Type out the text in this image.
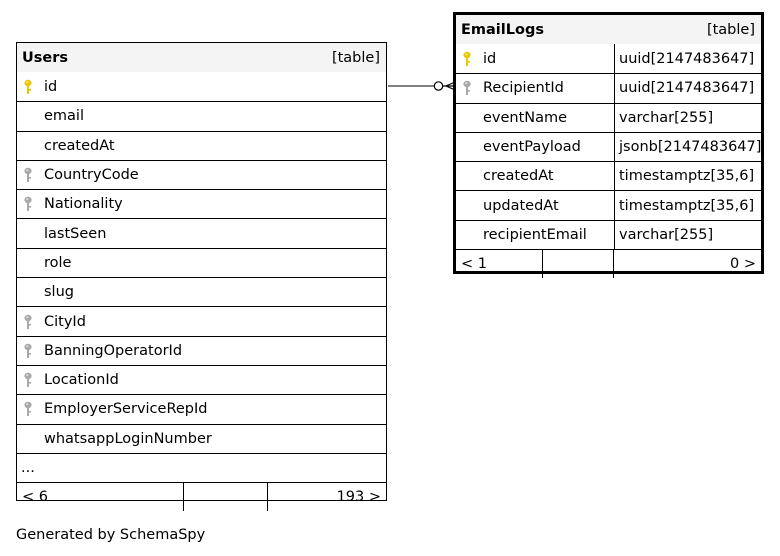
Users	[table]
id
email
createdAt
CountryCode
Nationality
lastSeen
role
slug
CityId
BanningOperatorId
LocationId
EmployerServiceRepId
whatsappLoginNumber
...
< 6	193 >
EmailLogs	[table]
id	uuid[2147483647]
RecipientId	uuid[2147483647]
eventName	varchar[255]
eventPayload	jsonb[2147483647]
createdAt	timestamptz[35,6]
updatedAt	timestamptz[35,6]
recipientEmail	varchar[255]
< 1	0 >
Generated by SchemaSpy
